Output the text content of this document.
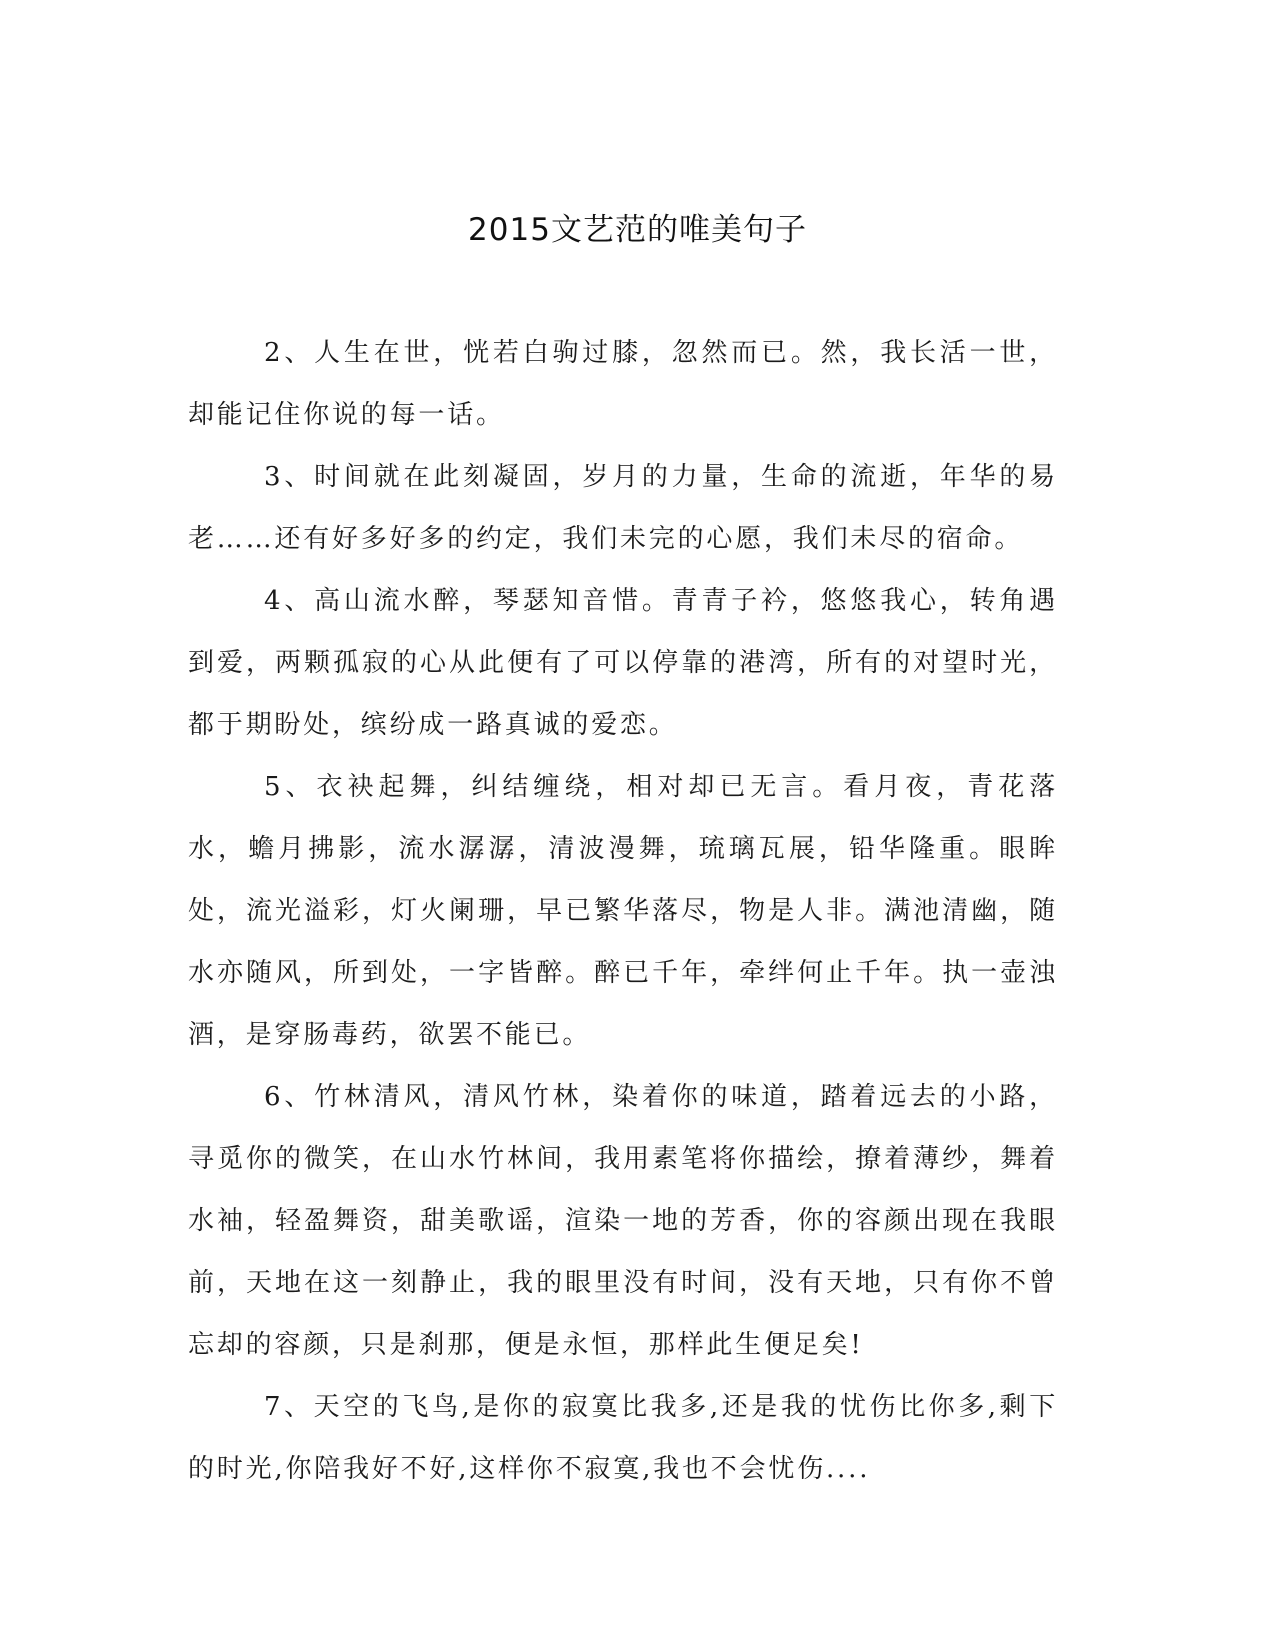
2015文艺范的唯美句子

2、人生在世，恍若白驹过膝，忽然而已。然，我长活一世，却能记住你说的每一话。

3、时间就在此刻凝固，岁月的力量，生命的流逝，年华的易老……还有好多好多的约定，我们未完的心愿，我们未尽的宿命。

4、高山流水醉，琴瑟知音惜。青青子衿，悠悠我心，转角遇到爱，两颗孤寂的心从此便有了可以停靠的港湾，所有的对望时光，都于期盼处，缤纷成一路真诚的爱恋。

5、衣袂起舞，纠结缠绕，相对却已无言。看月夜，青花落水，蟾月拂影，流水潺潺，清波漫舞，琉璃瓦展，铅华隆重。眼眸处，流光溢彩，灯火阑珊，早已繁华落尽，物是人非。满池清幽，随水亦随风，所到处，一字皆醉。醉已千年，牵绊何止千年。执一壶浊酒，是穿肠毒药，欲罢不能已。

6、竹林清风，清风竹林，染着你的味道，踏着远去的小路，寻觅你的微笑，在山水竹林间，我用素笔将你描绘，撩着薄纱，舞着水袖，轻盈舞资，甜美歌谣，渲染一地的芳香，你的容颜出现在我眼前，天地在这一刻静止，我的眼里没有时间，没有天地，只有你不曾忘却的容颜，只是刹那，便是永恒，那样此生便足矣!

7、天空的飞鸟,是你的寂寞比我多,还是我的忧伤比你多,剩下的时光,你陪我好不好,这样你不寂寞,我也不会忧伤....
